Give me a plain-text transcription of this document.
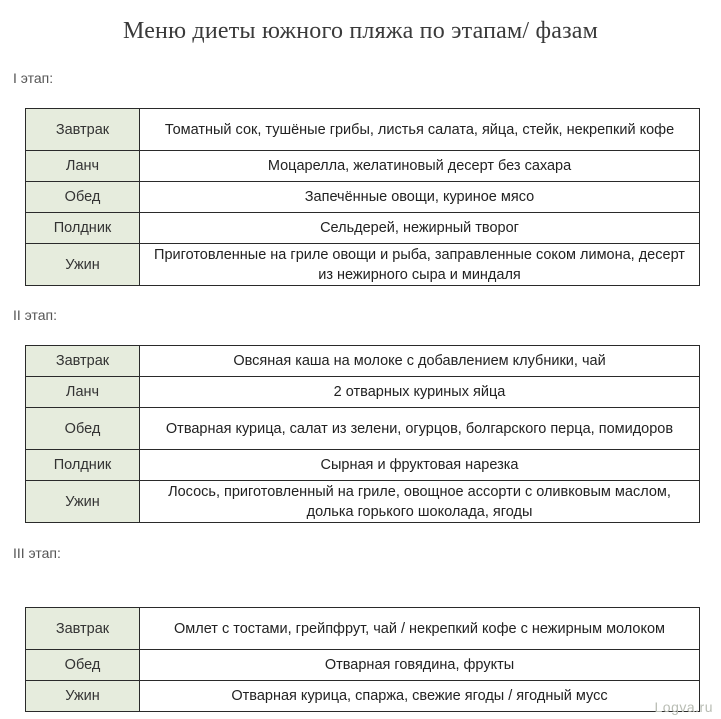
Меню диеты южного пляжа по этапам/ фазам
I этап:
Завтрак	Томатный сок, тушёные грибы, листья салата, яйца, стейк, некрепкий кофе
Ланч	Моцарелла, желатиновый десерт без сахара
Обед	Запечённые овощи, куриное мясо
Полдник	Сельдерей, нежирный творог
Ужин	Приготовленные на гриле овощи и рыба, заправленные соком лимона, десерт из нежирного сыра и миндаля
II этап:
Завтрак	Овсяная каша на молоке с добавлением клубники, чай
Ланч	2 отварных куриных яйца
Обед	Отварная курица, салат из зелени, огурцов, болгарского перца, помидоров
Полдник	Сырная и фруктовая нарезка
Ужин	Лосось, приготовленный на гриле, овощное ассорти с оливковым маслом, долька горького шоколада, ягоды
III этап:
Завтрак	Омлет с тостами, грейпфрут, чай / некрепкий кофе с нежирным молоком
Обед	Отварная говядина, фрукты
Ужин	Отварная курица, спаржа, свежие ягоды / ягодный мусс
Logva.ru
